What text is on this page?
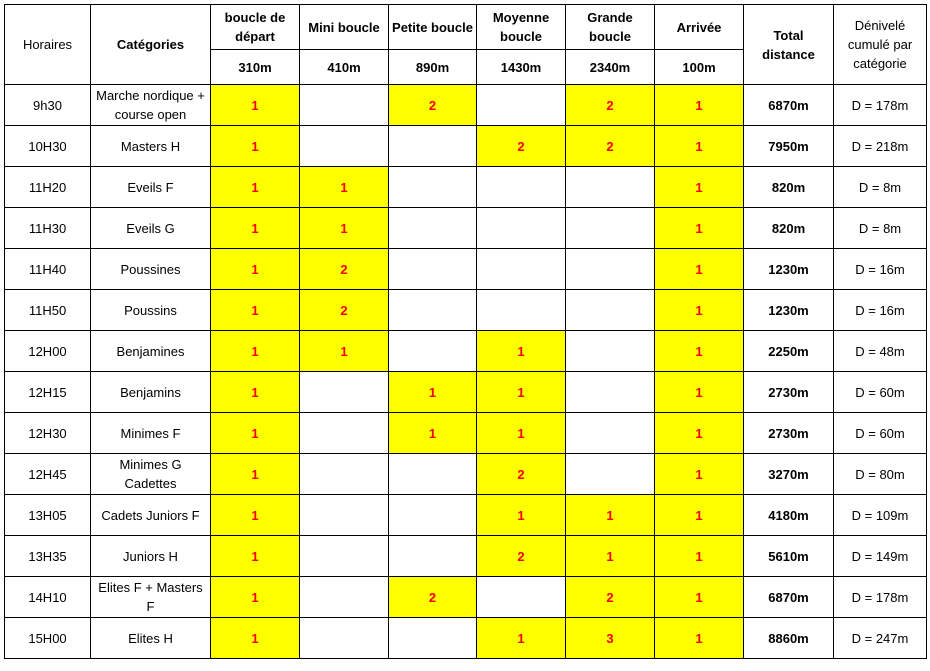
Horaires	Catégories	boucle de départ	Mini boucle	Petite boucle	Moyenne boucle	Grande boucle	Arrivée	Total distance	Dénivelé cumulé par catégorie
		310m	410m	890m	1430m	2340m	100m		
9h30	Marche nordique + course open	1		2		2	1	6870m	D = 178m
10H30	Masters H	1			2	2	1	7950m	D = 218m
11H20	Eveils F	1	1				1	820m	D = 8m
11H30	Eveils G	1	1				1	820m	D = 8m
11H40	Poussines	1	2				1	1230m	D = 16m
11H50	Poussins	1	2				1	1230m	D = 16m
12H00	Benjamines	1	1		1		1	2250m	D = 48m
12H15	Benjamins	1		1	1		1	2730m	D = 60m
12H30	Minimes F	1		1	1		1	2730m	D = 60m
12H45	Minimes G Cadettes	1			2		1	3270m	D = 80m
13H05	Cadets Juniors F	1			1	1	1	4180m	D = 109m
13H35	Juniors H	1			2	1	1	5610m	D = 149m
14H10	Elites F + Masters F	1		2		2	1	6870m	D = 178m
15H00	Elites H	1			1	3	1	8860m	D = 247m
